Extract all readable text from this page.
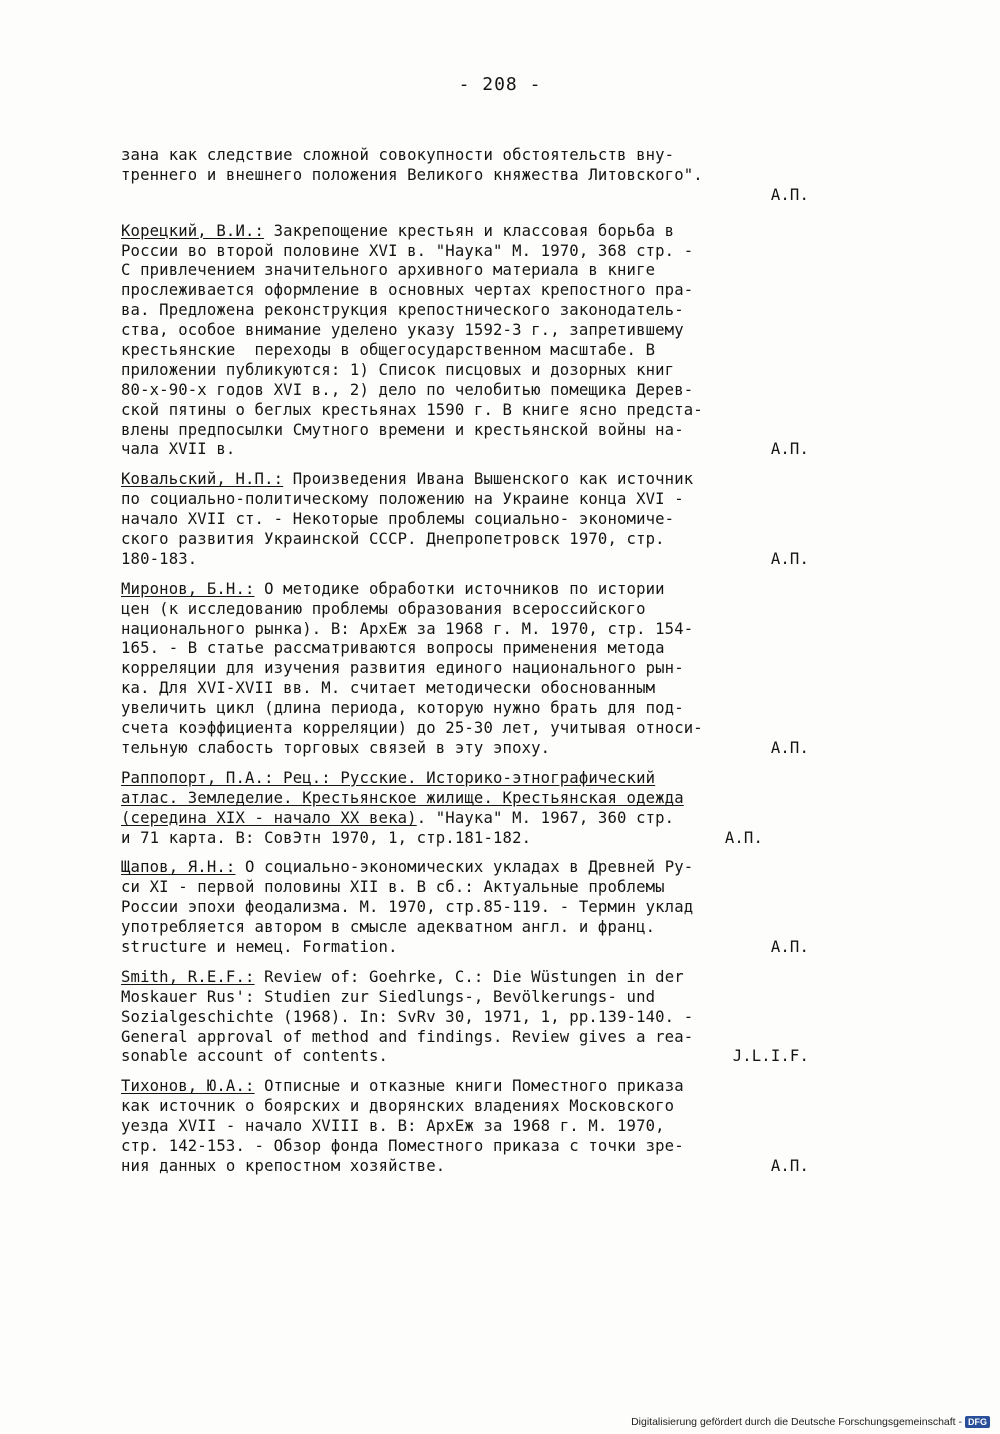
- 208 -
зана как следствие сложной совокупности обстоятельств вну-
треннего и внешнего положения Великого княжества Литовского".
А.П.
Корецкий, В.И.: Закрепощение крестьян и классовая борьба в
России во второй половине XVI в. "Наука" М. 1970, 368 стр. -
С привлечением значительного архивного материала в книге
прослеживается оформление в основных чертах крепостного пра-
ва. Предложена реконструкция крепостнического законодатель-
ства, особое внимание уделено указу 1592-3 г., запретившему
крестьянские  переходы в общегосударственном масштабе. В
приложении публикуются: 1) Список писцовых и дозорных книг
80-х-90-х годов XVI в., 2) дело по челобитью помещика Дерев-
ской пятины о беглых крестьянах 1590 г. В книге ясно предста-
влены предпосылки Смутного времени и крестьянской войны на-
чала XVII в.	А.П.
Ковальский, Н.П.: Произведения Ивана Вышенского как источник
по социально-политическому положению на Украине конца XVI -
начало XVII ст. - Некоторые проблемы социально- экономиче-
ского развития Украинской СССР. Днепропетровск 1970, стр.
180-183.	А.П.
Миронов, Б.Н.: О методике обработки источников по истории
цен (к исследованию проблемы образования всероссийского
национального рынка). В: АрхЕж за 1968 г. М. 1970, стр. 154-
165. - В статье рассматриваются вопросы применения метода
корреляции для изучения развития единого национального рын-
ка. Для XVI-XVII вв. М. считает методически обоснованным
увеличить цикл (длина периода, которую нужно брать для под-
счета коэффициента корреляции) до 25-30 лет, учитывая относи-
тельную слабость торговых связей в эту эпоху.	А.П.
Раппопорт, П.А.: Рец.: Русские. Историко-этнографический
атлас. Земледелие. Крестьянское жилище. Крестьянская одежда
(середина XIX - начало XX века). "Наука" М. 1967, 360 стр.
и 71 карта. В: СовЭтн 1970, 1, стр.181-182.	А.П.
Щапов, Я.Н.: О социально-экономических укладах в Древней Ру-
си XI - первой половины XII в. В сб.: Актуальные проблемы
России эпохи феодализма. М. 1970, стр.85-119. - Термин уклад
употребляется автором в смысле адекватном англ. и франц.
structure и немец. Formation.	А.П.
Smith, R.E.F.: Review of: Goehrke, C.: Die Wüstungen in der
Moskauer Rus': Studien zur Siedlungs-, Bevölkerungs- und
Sozialgeschichte (1968). In: SvRv 30, 1971, 1, pp.139-140. -
General approval of method and findings. Review gives a rea-
sonable account of contents.	J.L.I.F.
Тихонов, Ю.А.: Отписные и отказные книги Поместного приказа
как источник о боярских и дворянских владениях Московского
уезда XVII - начало XVIII в. В: АрхЕж за 1968 г. М. 1970,
стр. 142-153. - Обзор фонда Поместного приказа с точки зре-
ния данных о крепостном хозяйстве.	А.П.
Digitalisierung gefördert durch die Deutsche Forschungsgemeinschaft - DFG
